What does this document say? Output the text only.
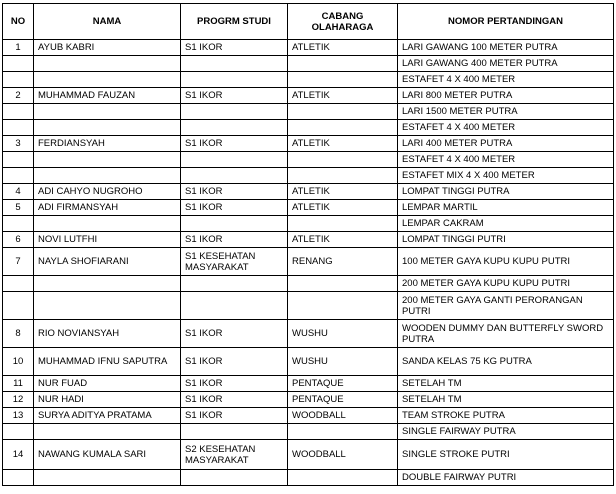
NO	NAMA	PROGRM STUDI	CABANG OLAHARAGA	NOMOR PERTANDINGAN
1	AYUB KABRI	S1 IKOR	ATLETIK	LARI GAWANG 100 METER PUTRA
				LARI GAWANG 400 METER PUTRA
				ESTAFET 4 X 400 METER
2	MUHAMMAD FAUZAN	S1 IKOR	ATLETIK	LARI 800 METER PUTRA
				LARI 1500 METER PUTRA
				ESTAFET 4 X 400 METER
3	FERDIANSYAH	S1 IKOR	ATLETIK	LARI 400 METER PUTRA
				ESTAFET 4 X 400 METER
				ESTAFET MIX 4 X 400 METER
4	ADI CAHYO NUGROHO	S1 IKOR	ATLETIK	LOMPAT TINGGI PUTRA
5	ADI FIRMANSYAH	S1 IKOR	ATLETIK	LEMPAR MARTIL
				LEMPAR CAKRAM
6	NOVI LUTFHI	S1 IKOR	ATLETIK	LOMPAT TINGGI PUTRI
7	NAYLA SHOFIARANI	S1 KESEHATAN MASYARAKAT	RENANG	100 METER GAYA KUPU KUPU PUTRI
				200 METER GAYA KUPU KUPU PUTRI
				200 METER GAYA GANTI PERORANGAN PUTRI
8	RIO NOVIANSYAH	S1 IKOR	WUSHU	WOODEN DUMMY DAN BUTTERFLY SWORD PUTRA
10	MUHAMMAD IFNU SAPUTRA	S1 IKOR	WUSHU	SANDA KELAS 75 KG PUTRA
11	NUR FUAD	S1 IKOR	PENTAQUE	SETELAH TM
12	NUR HADI	S1 IKOR	PENTAQUE	SETELAH TM
13	SURYA ADITYA PRATAMA	S1 IKOR	WOODBALL	TEAM STROKE PUTRA
				SINGLE FAIRWAY PUTRA
14	NAWANG KUMALA SARI	S2 KESEHATAN MASYARAKAT	WOODBALL	SINGLE STROKE PUTRI
				DOUBLE FAIRWAY PUTRI
